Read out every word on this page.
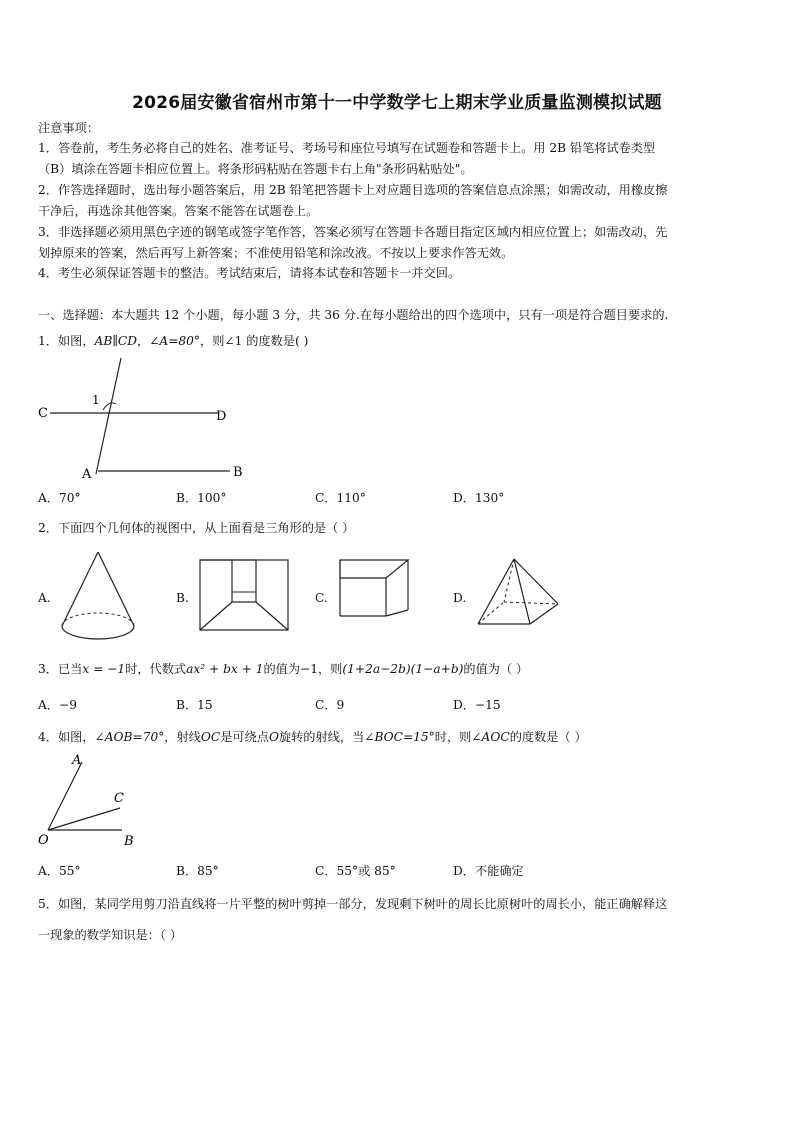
2026届安徽省宿州市第十一中学数学七上期末学业质量监测模拟试题
注意事项：
1．答卷前，考生务必将自己的姓名、准考证号、考场号和座位号填写在试题卷和答题卡上。用 2B 铅笔将试卷类型
（B）填涂在答题卡相应位置上。将条形码粘贴在答题卡右上角"条形码粘贴处"。
2．作答选择题时，选出每小题答案后，用 2B 铅笔把答题卡上对应题目选项的答案信息点涂黑；如需改动，用橡皮擦
干净后，再选涂其他答案。答案不能答在试题卷上。
3．非选择题必须用黑色字迹的钢笔或签字笔作答，答案必须写在答题卡各题目指定区域内相应位置上；如需改动，先
划掉原来的答案，然后再写上新答案；不准使用铅笔和涂改液。不按以上要求作答无效。
4．考生必须保证答题卡的整洁。考试结束后，请将本试卷和答题卡一并交回。
一、选择题：本大题共 12 个小题，每小题 3 分，共 36 分.在每小题给出的四个选项中，只有一项是符合题目要求的.
1．如图，AB∥CD，∠A=80°，则∠1 的度数是( )
1
C	D
A	B
A．70°	B．100°	C．110°	D．130°
2．下面四个几何体的视图中，从上面看是三角形的是（ ）
A.	B.	C.	D.
3．已当x = −1时，代数式ax² + bx + 1的值为−1，则(1+2a−2b)(1−a+b)的值为（ ）
A．−9	B．15	C．9	D．−15
4．如图，∠AOB=70°，射线OC是可绕点O旋转的射线，当∠BOC=15°时，则∠AOC的度数是（ ）
A
C
O	B
A．55°	B．85°	C．55°或 85°	D．不能确定
5．如图，某同学用剪刀沿直线将一片平整的树叶剪掉一部分，发现剩下树叶的周长比原树叶的周长小，能正确解释这
一现象的数学知识是：（ ）
